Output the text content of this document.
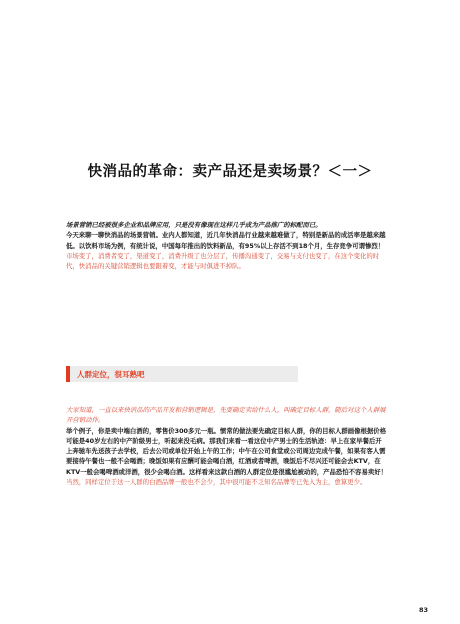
快消品的革命：卖产品还是卖场景？＜一＞

场景营销已经被很多企业和品牌应用，只是没有像现在这样几乎成为产品推广的标配而已。
今天来聊一聊快消品的场景营销。业内人都知道，近几年快消品行业越来越难做了，特别是新品的成活率是越来越低。以饮料市场为例，有统计说，中国每年推出的饮料新品，有95%以上存活不到18个月，生存竞争可谓惨烈！
市场变了，消费者变了，渠道变了，消费升级了也分层了，传播沟通变了，交易与支付也变了，在这个变化的时代，快消品的关键营销逻辑也要跟着变，才能与时俱进不掉队。

人群定位，很耳熟吧

大家知道，一直以来快消品的产品开发和营销逻辑是，先要确定卖给什么人，叫确定目标人群，随后对这个人群展开营销动作。
举个例子，你是卖中端白酒的，零售价300多元一瓶。惯常的做法要先确定目标人群，你的目标人群画像根据价格可能是40岁左右的中产阶级男士，听起来没毛病。那我们来看一看这位中产男士的生活轨迹：早上在家早餐后开上奔驰车先送孩子去学校，后去公司或单位开始上午的工作；中午在公司食堂或公司周边完成午餐，如果有客人需要接待午餐也一般不会喝酒；晚饭如果有应酬可能会喝白酒，红酒或者啤酒，晚饭后不尽兴还可能会去KTV，在KTV一般会喝啤酒或洋酒，很少会喝白酒。这样看来这款白酒的人群定位是很尴尬被动的，产品恐怕不容易卖好！
当然，同样定位于这一人群的白酒品牌一般也不会少，其中很可能不乏知名品牌等已先入为主，愈算更少。

83
